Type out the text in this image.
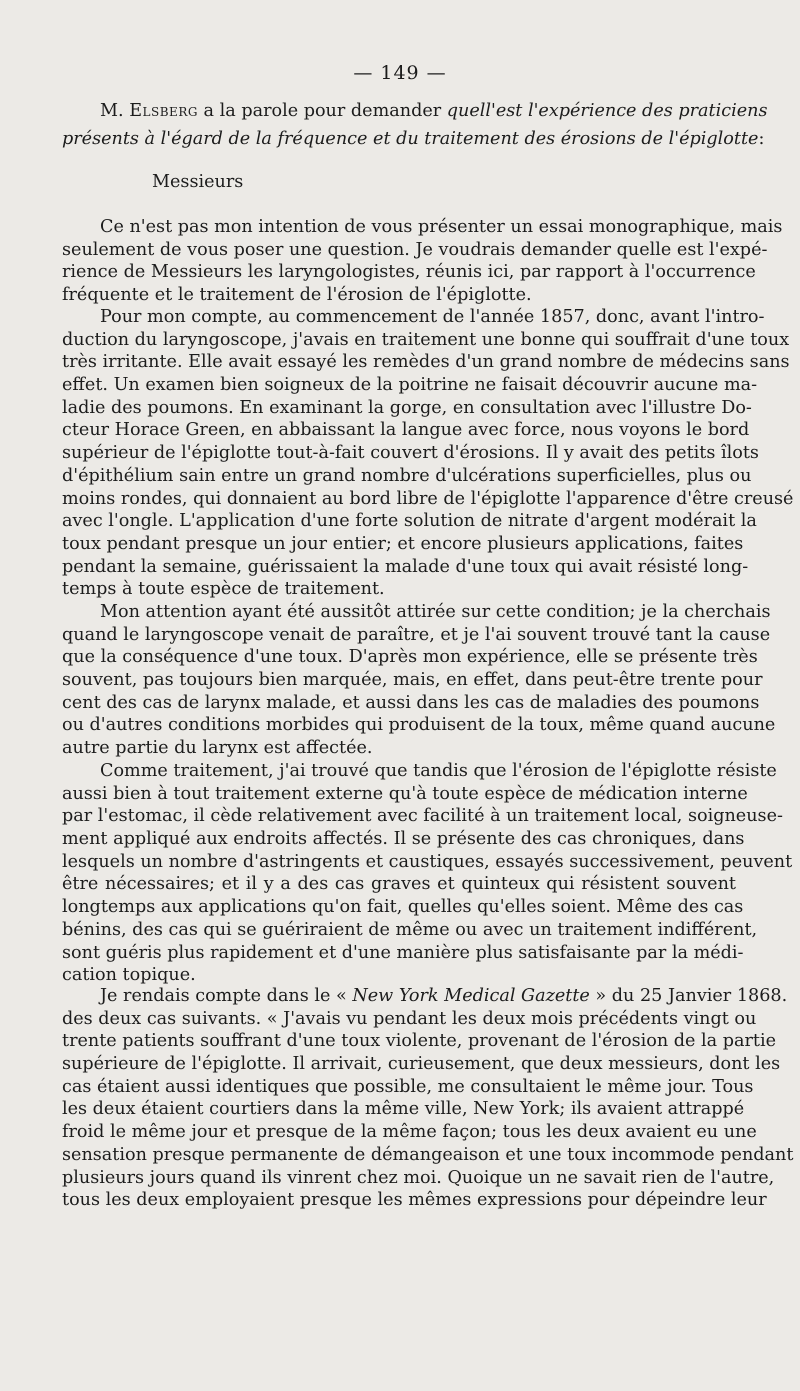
— 149 —
M. Elsberg a la parole pour demander quell'est l'expérience des praticiens
présents à l'égard de la fréquence et du traitement des érosions de l'épiglotte:
Messieurs
Ce n'est pas mon intention de vous présenter un essai monographique, mais
seulement de vous poser une question. Je voudrais demander quelle est l'expé-
rience de Messieurs les laryngologistes, réunis ici, par rapport à l'occurrence
fréquente et le traitement de l'érosion de l'épiglotte.
Pour mon compte, au commencement de l'année 1857, donc, avant l'intro-
duction du laryngoscope, j'avais en traitement une bonne qui souffrait d'une toux
très irritante. Elle avait essayé les remèdes d'un grand nombre de médecins sans
effet. Un examen bien soigneux de la poitrine ne faisait découvrir aucune ma-
ladie des poumons. En examinant la gorge, en consultation avec l'illustre Do-
cteur Horace Green, en abbaissant la langue avec force, nous voyons le bord
supérieur de l'épiglotte tout-à-fait couvert d'érosions. Il y avait des petits îlots
d'épithélium sain entre un grand nombre d'ulcérations superficielles, plus ou
moins rondes, qui donnaient au bord libre de l'épiglotte l'apparence d'être creusé
avec l'ongle. L'application d'une forte solution de nitrate d'argent modérait la
toux pendant presque un jour entier; et encore plusieurs applications, faites
pendant la semaine, guérissaient la malade d'une toux qui avait résisté long-
temps à toute espèce de traitement.
Mon attention ayant été aussitôt attirée sur cette condition; je la cherchais
quand le laryngoscope venait de paraître, et je l'ai souvent trouvé tant la cause
que la conséquence d'une toux. D'après mon expérience, elle se présente très
souvent, pas toujours bien marquée, mais, en effet, dans peut-être trente pour
cent des cas de larynx malade, et aussi dans les cas de maladies des poumons
ou d'autres conditions morbides qui produisent de la toux, même quand aucune
autre partie du larynx est affectée.
Comme traitement, j'ai trouvé que tandis que l'érosion de l'épiglotte résiste
aussi bien à tout traitement externe qu'à toute espèce de médication interne
par l'estomac, il cède relativement avec facilité à un traitement local, soigneuse-
ment appliqué aux endroits affectés. Il se présente des cas chroniques, dans
lesquels un nombre d'astringents et caustiques, essayés successivement, peuvent
être nécessaires; et il y a des cas graves et quinteux qui résistent souvent
longtemps aux applications qu'on fait, quelles qu'elles soient. Même des cas
bénins, des cas qui se guériraient de même ou avec un traitement indifférent,
sont guéris plus rapidement et d'une manière plus satisfaisante par la médi-
cation topique.
Je rendais compte dans le « New York Medical Gazette » du 25 Janvier 1868.
des deux cas suivants. « J'avais vu pendant les deux mois précédents vingt ou
trente patients souffrant d'une toux violente, provenant de l'érosion de la partie
supérieure de l'épiglotte. Il arrivait, curieusement, que deux messieurs, dont les
cas étaient aussi identiques que possible, me consultaient le même jour. Tous
les deux étaient courtiers dans la même ville, New York; ils avaient attrappé
froid le même jour et presque de la même façon; tous les deux avaient eu une
sensation presque permanente de démangeaison et une toux incommode pendant
plusieurs jours quand ils vinrent chez moi. Quoique un ne savait rien de l'autre,
tous les deux employaient presque les mêmes expressions pour dépeindre leur
